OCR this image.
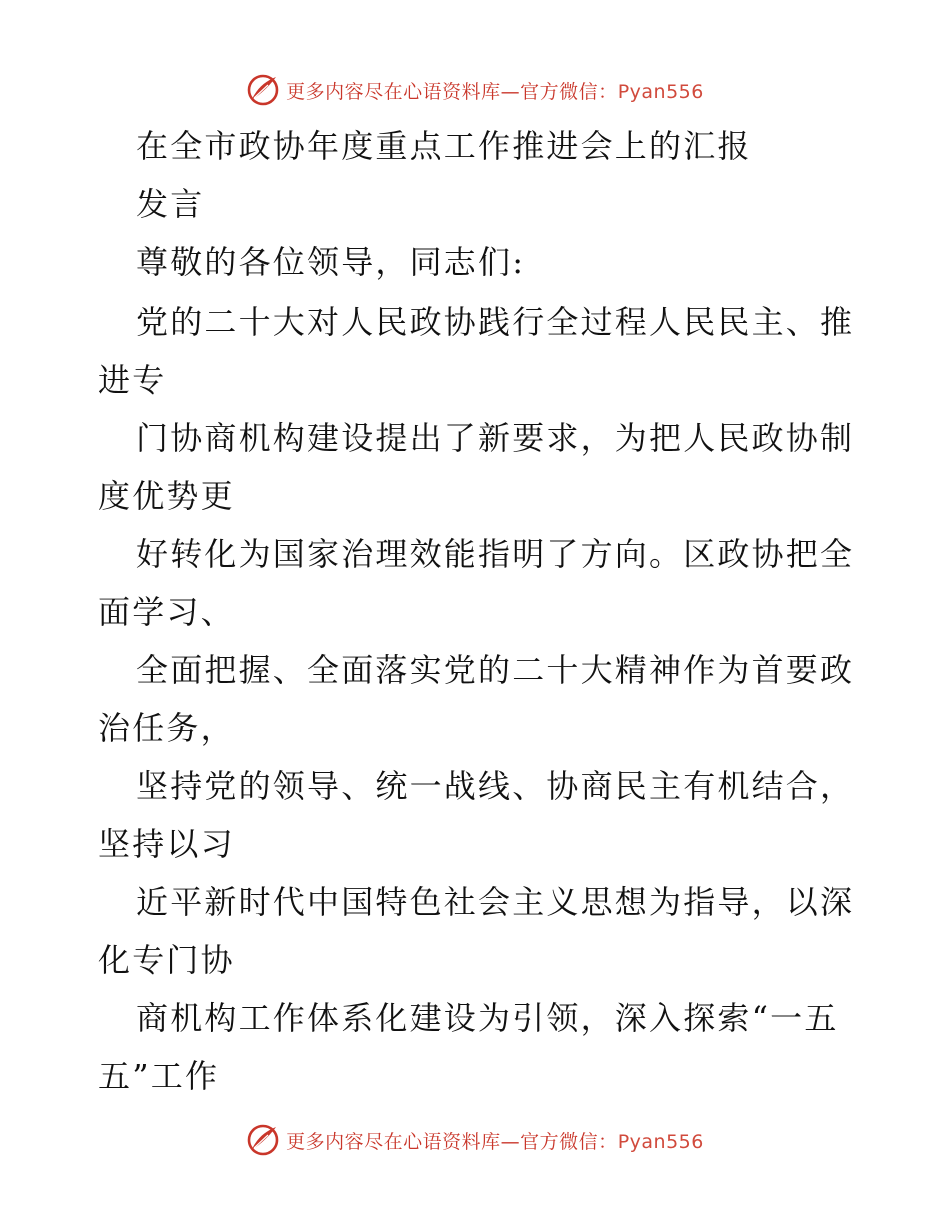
更多内容尽在心语资料库—官方微信：Pyan556
在全市政协年度重点工作推进会上的汇报
发言
尊敬的各位领导，同志们:
党的二十大对人民政协践行全过程人民民主、推
进专
门协商机构建设提出了新要求，为把人民政协制
度优势更
好转化为国家治理效能指明了方向。区政协把全
面学习、
全面把握、全面落实党的二十大精神作为首要政
治任务，
坚持党的领导、统一战线、协商民主有机结合，
坚持以习
近平新时代中国特色社会主义思想为指导，以深
化专门协
商机构工作体系化建设为引领，深入探索“一五
五”工作
更多内容尽在心语资料库—官方微信：Pyan556
